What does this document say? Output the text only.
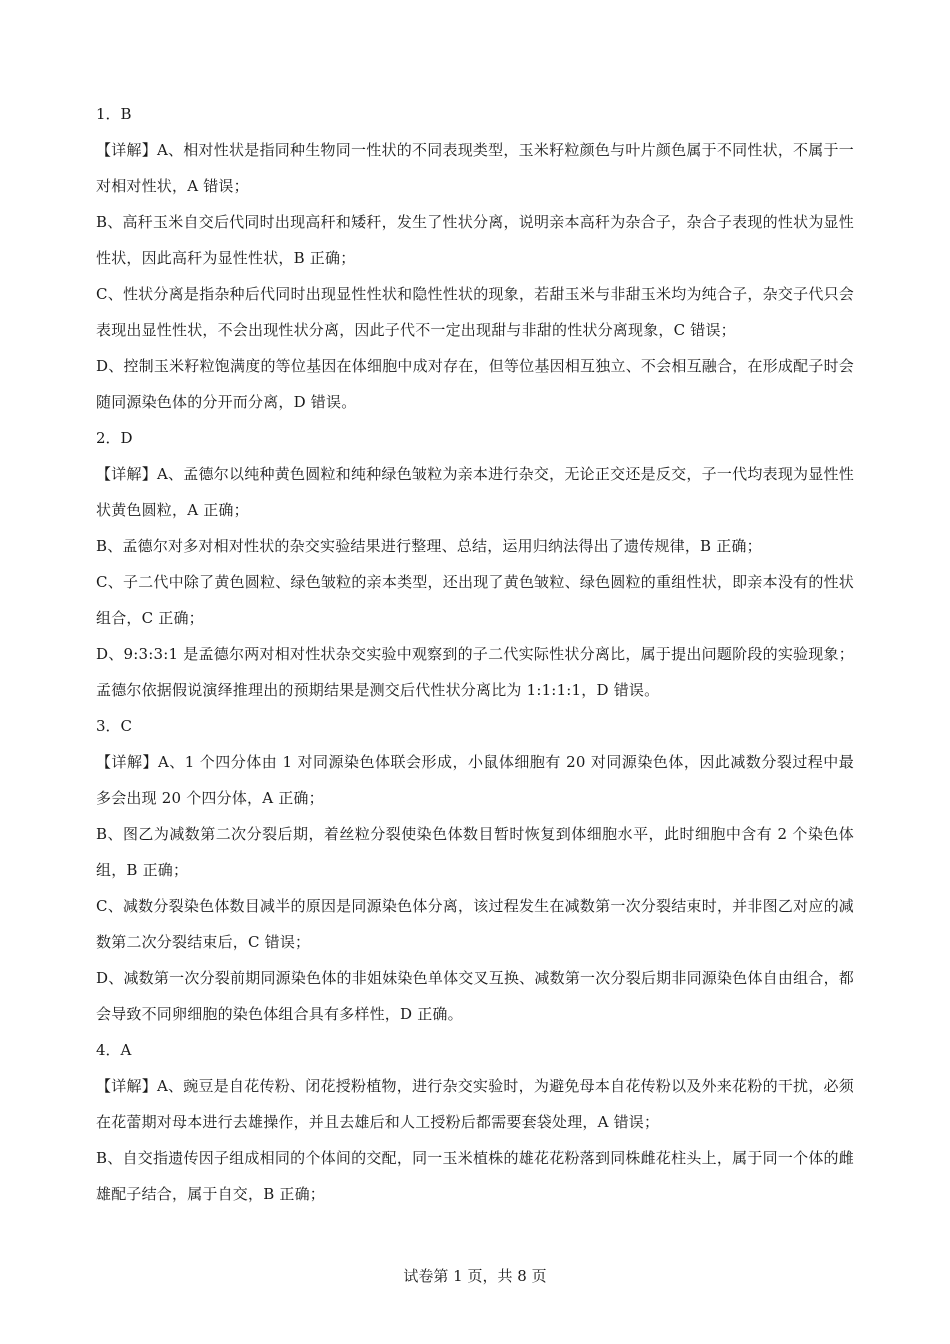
1．B

【详解】A、相对性状是指同种生物同一性状的不同表现类型，玉米籽粒颜色与叶片颜色属于不同性状，不属于一对相对性状，A 错误；

B、高秆玉米自交后代同时出现高秆和矮秆，发生了性状分离，说明亲本高秆为杂合子，杂合子表现的性状为显性性状，因此高秆为显性性状，B 正确；

C、性状分离是指杂种后代同时出现显性性状和隐性性状的现象，若甜玉米与非甜玉米均为纯合子，杂交子代只会表现出显性性状，不会出现性状分离，因此子代不一定出现甜与非甜的性状分离现象，C 错误；

D、控制玉米籽粒饱满度的等位基因在体细胞中成对存在，但等位基因相互独立、不会相互融合，在形成配子时会随同源染色体的分开而分离，D 错误。

2．D

【详解】A、孟德尔以纯种黄色圆粒和纯种绿色皱粒为亲本进行杂交，无论正交还是反交，子一代均表现为显性性状黄色圆粒，A 正确；

B、孟德尔对多对相对性状的杂交实验结果进行整理、总结，运用归纳法得出了遗传规律，B 正确；

C、子二代中除了黄色圆粒、绿色皱粒的亲本类型，还出现了黄色皱粒、绿色圆粒的重组性状，即亲本没有的性状组合，C 正确；

D、9:3:3:1 是孟德尔两对相对性状杂交实验中观察到的子二代实际性状分离比，属于提出问题阶段的实验现象；孟德尔依据假说演绎推理出的预期结果是测交后代性状分离比为 1:1:1:1，D 错误。

3．C

【详解】A、1 个四分体由 1 对同源染色体联会形成，小鼠体细胞有 20 对同源染色体，因此减数分裂过程中最多会出现 20 个四分体，A 正确；

B、图乙为减数第二次分裂后期，着丝粒分裂使染色体数目暂时恢复到体细胞水平，此时细胞中含有 2 个染色体组，B 正确；

C、减数分裂染色体数目减半的原因是同源染色体分离，该过程发生在减数第一次分裂结束时，并非图乙对应的减数第二次分裂结束后，C 错误；

D、减数第一次分裂前期同源染色体的非姐妹染色单体交叉互换、减数第一次分裂后期非同源染色体自由组合，都会导致不同卵细胞的染色体组合具有多样性，D 正确。

4．A

【详解】A、豌豆是自花传粉、闭花授粉植物，进行杂交实验时，为避免母本自花传粉以及外来花粉的干扰，必须在花蕾期对母本进行去雄操作，并且去雄后和人工授粉后都需要套袋处理，A 错误；

B、自交指遗传因子组成相同的个体间的交配，同一玉米植株的雄花花粉落到同株雌花柱头上，属于同一个体的雌雄配子结合，属于自交，B 正确；

试卷第 1 页，共 8 页
